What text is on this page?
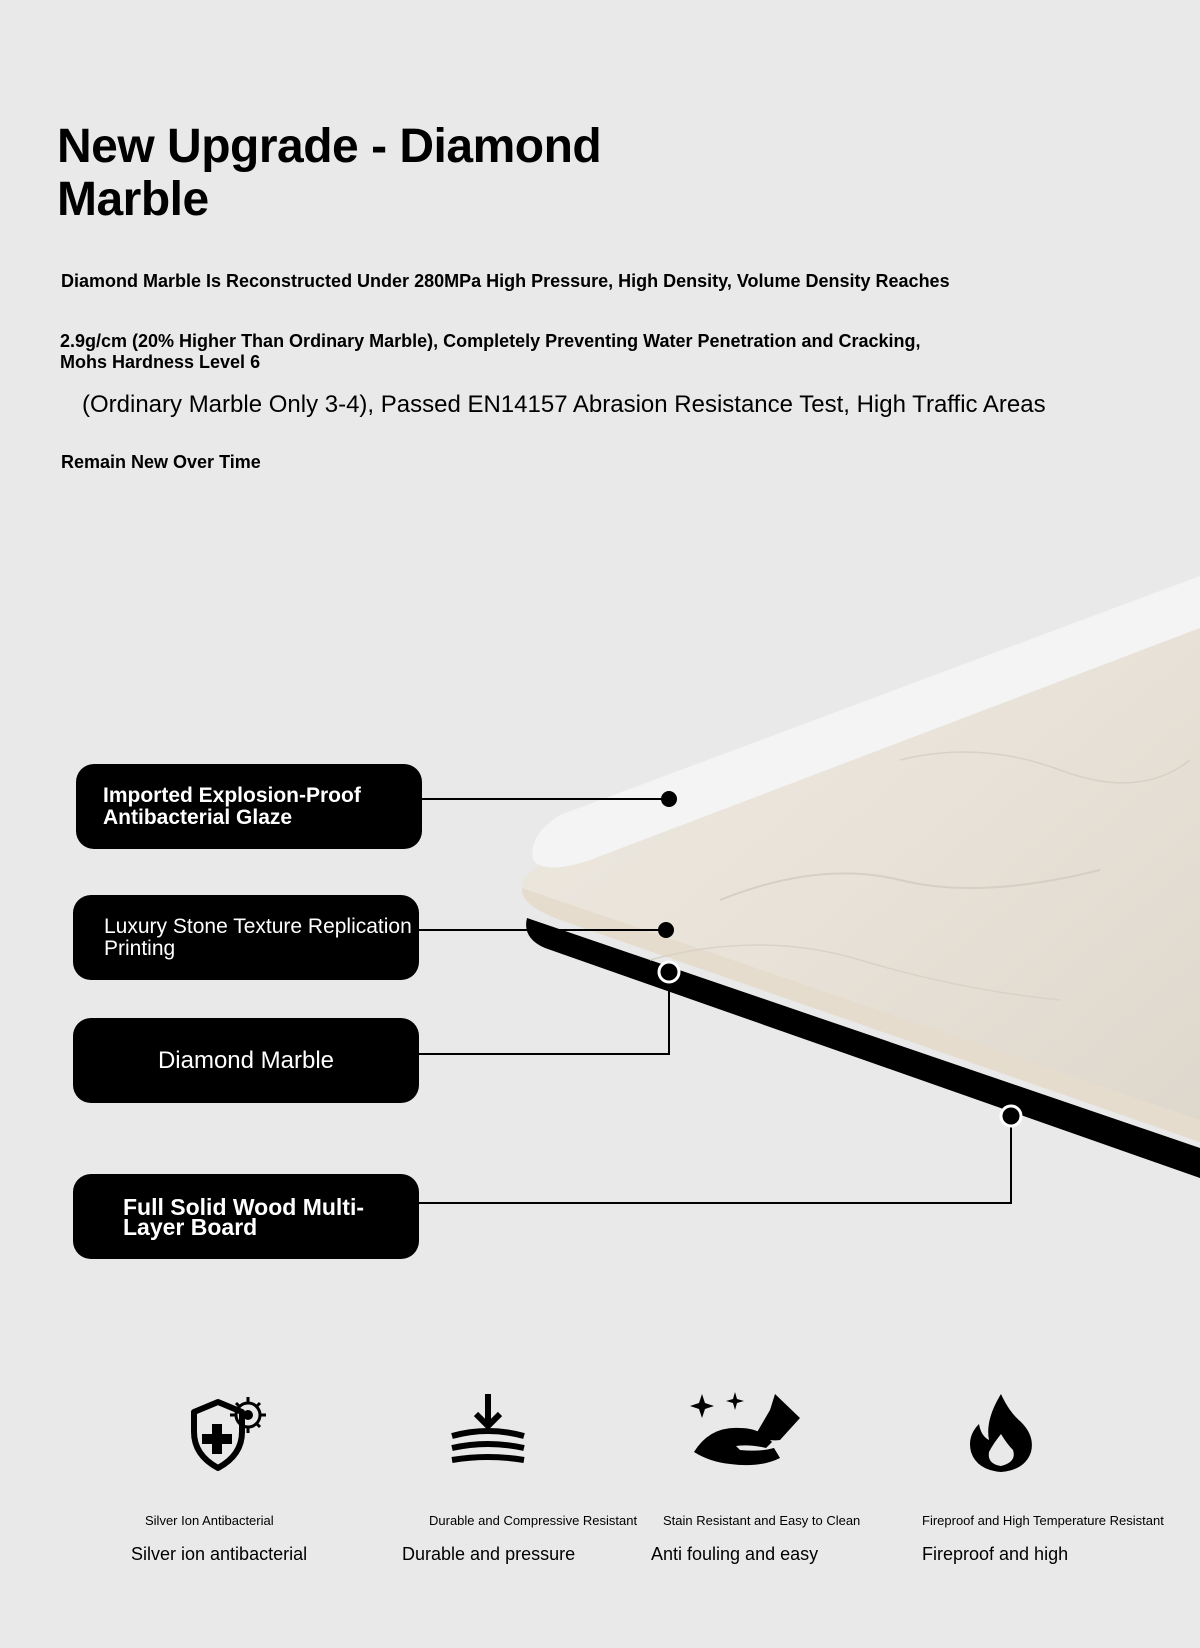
New Upgrade - Diamond Marble

Diamond Marble Is Reconstructed Under 280MPa High Pressure, High Density, Volume Density Reaches

2.9g/cm (20% Higher Than Ordinary Marble), Completely Preventing Water Penetration and Cracking, Mohs Hardness Level 6

(Ordinary Marble Only 3-4), Passed EN14157 Abrasion Resistance Test, High Traffic Areas

Remain New Over Time

Imported Explosion-Proof Antibacterial Glaze
Luxury Stone Texture Replication Printing
Diamond Marble
Full Solid Wood Multi-Layer Board
Silver Ion Antibacterial
Silver ion antibacterial
Durable and Compressive Resistant
Durable and pressure
Stain Resistant and Easy to Clean
Anti fouling and easy
Fireproof and High Temperature Resistant
Fireproof and high
